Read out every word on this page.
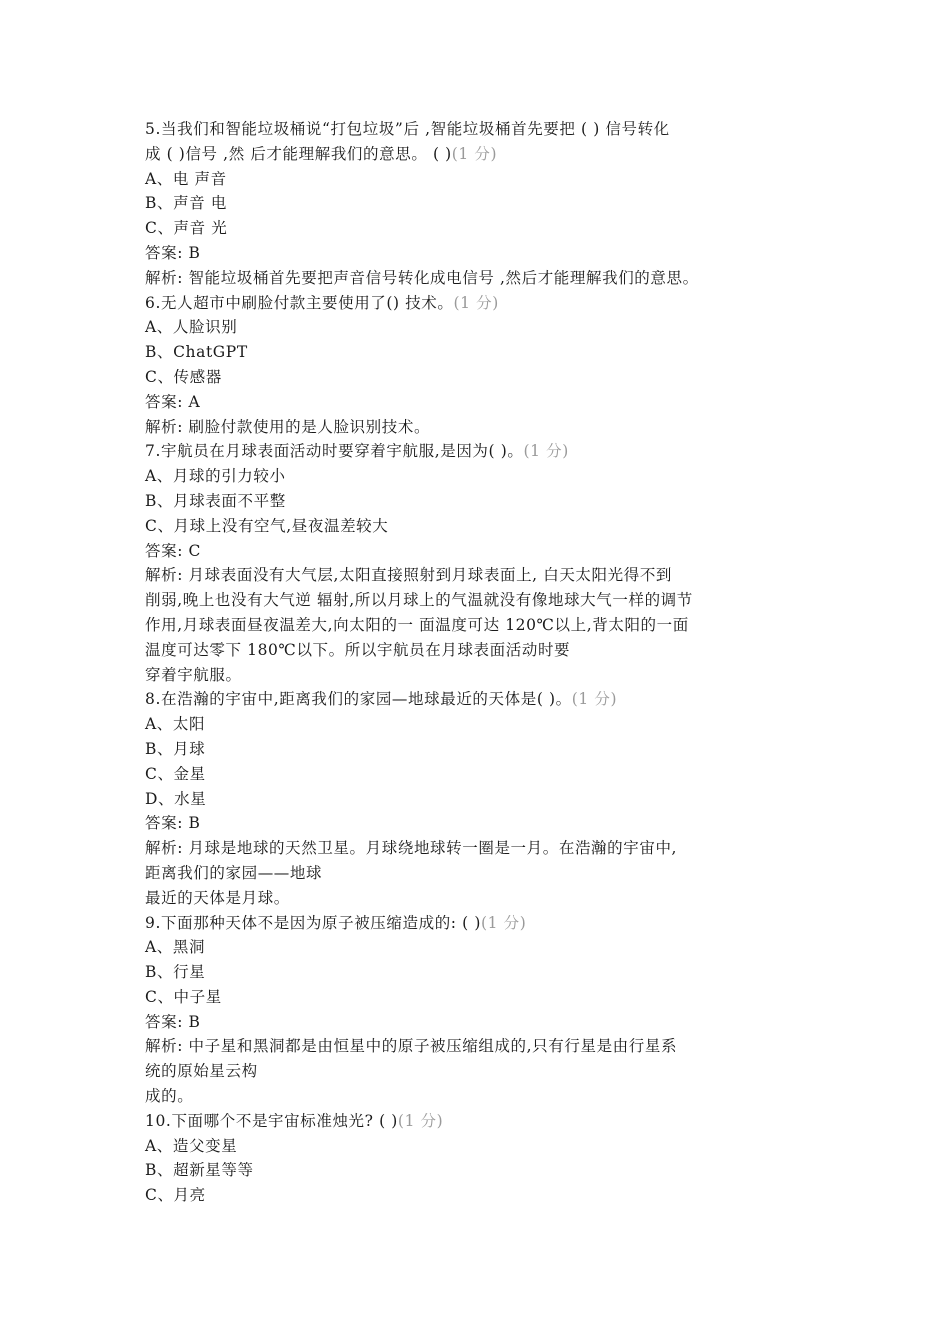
5.当我们和智能垃圾桶说“打包垃圾”后 ,智能垃圾桶首先要把 ( ) 信号转化
成 ( )信号 ,然 后才能理解我们的意思。 ( )(1 分)
A、电 声音
B、声音 电
C、声音 光
答案: B
解析: 智能垃圾桶首先要把声音信号转化成电信号 ,然后才能理解我们的意思。
6.无人超市中刷脸付款主要使用了() 技术。(1 分)
A、人脸识别
B、ChatGPT
C、传感器
答案: A
解析: 刷脸付款使用的是人脸识别技术。
7.宇航员在月球表面活动时要穿着宇航服,是因为( )。(1 分)
A、月球的引力较小
B、月球表面不平整
C、月球上没有空气,昼夜温差较大
答案: C
解析: 月球表面没有大气层,太阳直接照射到月球表面上, 白天太阳光得不到
削弱,晚上也没有大气逆 辐射,所以月球上的气温就没有像地球大气一样的调节
作用,月球表面昼夜温差大,向太阳的一 面温度可达 120℃以上,背太阳的一面
温度可达零下 180℃以下。所以宇航员在月球表面活动时要
穿着宇航服。
8.在浩瀚的宇宙中,距离我们的家园—地球最近的天体是( )。(1 分)
A、太阳
B、月球
C、金星
D、水星
答案: B
解析: 月球是地球的天然卫星。月球绕地球转一圈是一月。在浩瀚的宇宙中,
距离我们的家园——地球
最近的天体是月球。
9.下面那种天体不是因为原子被压缩造成的: ( )(1 分)
A、黑洞
B、行星
C、中子星
答案: B
解析: 中子星和黑洞都是由恒星中的原子被压缩组成的,只有行星是由行星系
统的原始星云构
成的。
10.下面哪个不是宇宙标准烛光? ( )(1 分)
A、造父变星
B、超新星等等
C、月亮
